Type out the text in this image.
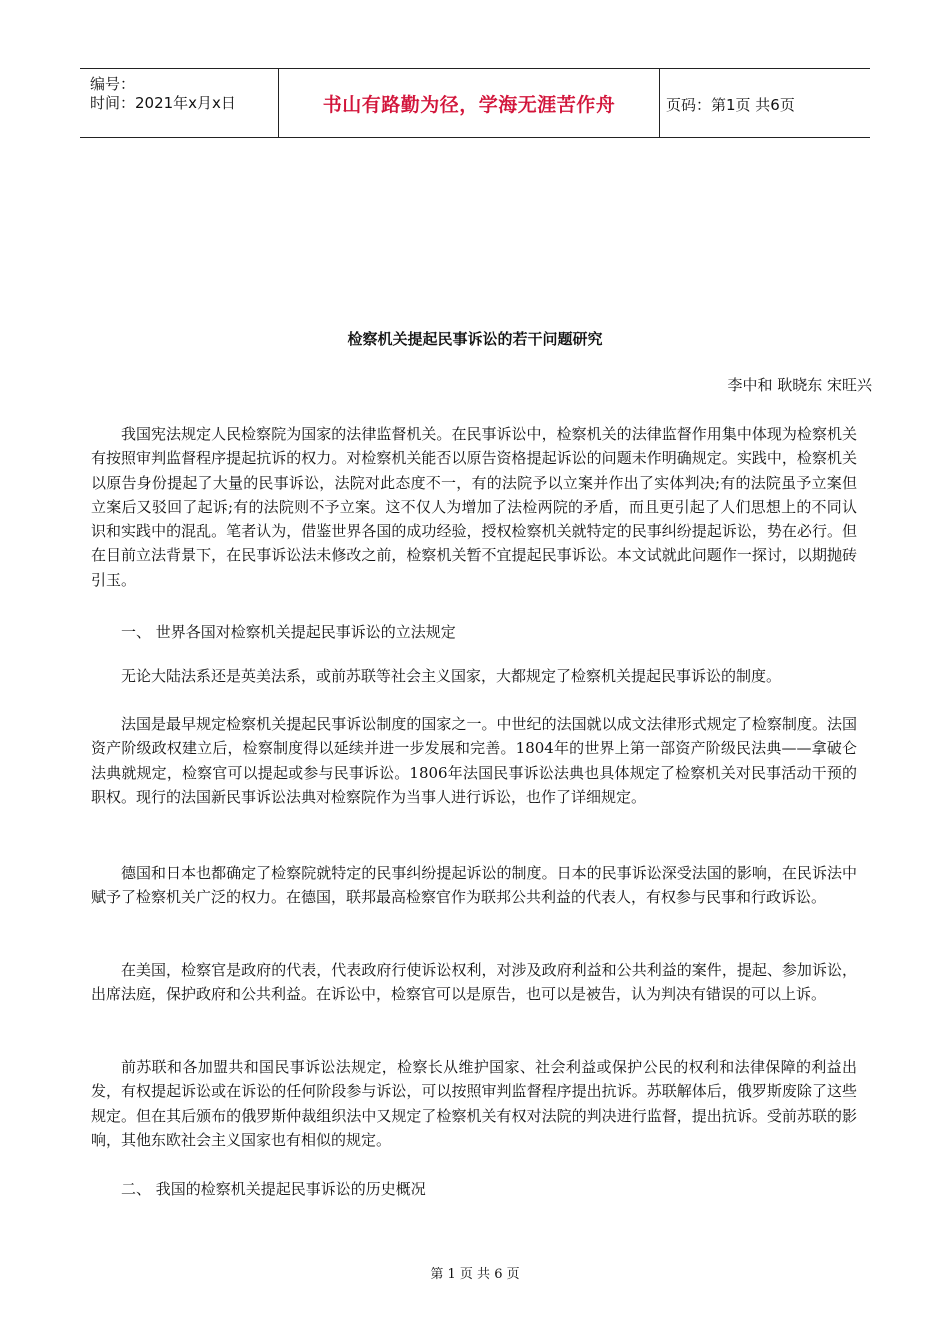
编号：
时间：2021年x月x日	书山有路勤为径，学海无涯苦作舟	页码：第1页 共6页
检察机关提起民事诉讼的若干问题研究
李中和 耿晓东 宋旺兴
我国宪法规定人民检察院为国家的法律监督机关。在民事诉讼中，检察机关的法律监督作用集中体现为检察机关有按照审判监督程序提起抗诉的权力。对检察机关能否以原告资格提起诉讼的问题未作明确规定。实践中，检察机关以原告身份提起了大量的民事诉讼，法院对此态度不一，有的法院予以立案并作出了实体判决;有的法院虽予立案但立案后又驳回了起诉;有的法院则不予立案。这不仅人为增加了法检两院的矛盾，而且更引起了人们思想上的不同认识和实践中的混乱。笔者认为，借鉴世界各国的成功经验，授权检察机关就特定的民事纠纷提起诉讼，势在必行。但在目前立法背景下，在民事诉讼法未修改之前，检察机关暂不宜提起民事诉讼。本文试就此问题作一探讨，以期抛砖引玉。
一、 世界各国对检察机关提起民事诉讼的立法规定
无论大陆法系还是英美法系，或前苏联等社会主义国家，大都规定了检察机关提起民事诉讼的制度。
法国是最早规定检察机关提起民事诉讼制度的国家之一。中世纪的法国就以成文法律形式规定了检察制度。法国资产阶级政权建立后，检察制度得以延续并进一步发展和完善。1804年的世界上第一部资产阶级民法典——拿破仑法典就规定，检察官可以提起或参与民事诉讼。1806年法国民事诉讼法典也具体规定了检察机关对民事活动干预的职权。现行的法国新民事诉讼法典对检察院作为当事人进行诉讼，也作了详细规定。
德国和日本也都确定了检察院就特定的民事纠纷提起诉讼的制度。日本的民事诉讼深受法国的影响，在民诉法中赋予了检察机关广泛的权力。在德国，联邦最高检察官作为联邦公共利益的代表人，有权参与民事和行政诉讼。
在美国，检察官是政府的代表，代表政府行使诉讼权利，对涉及政府利益和公共利益的案件，提起、参加诉讼，出席法庭，保护政府和公共利益。在诉讼中，检察官可以是原告，也可以是被告，认为判决有错误的可以上诉。
前苏联和各加盟共和国民事诉讼法规定，检察长从维护国家、社会利益或保护公民的权利和法律保障的利益出发，有权提起诉讼或在诉讼的任何阶段参与诉讼，可以按照审判监督程序提出抗诉。苏联解体后，俄罗斯废除了这些规定。但在其后颁布的俄罗斯仲裁组织法中又规定了检察机关有权对法院的判决进行监督，提出抗诉。受前苏联的影响，其他东欧社会主义国家也有相似的规定。
二、 我国的检察机关提起民事诉讼的历史概况
第 1 页 共 6 页
